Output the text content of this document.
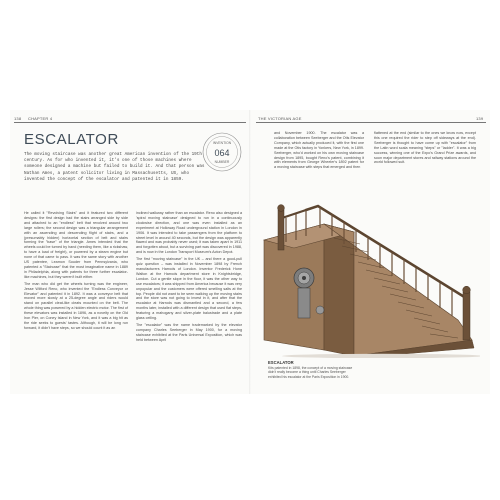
138 CHAPTER 4	THE VICTORIAN AGE	139
ESCALATOR	INVENTION
064
NUMBER
The moving staircase was another great American invention of the 19th century. As for who invented it, it's one of those machines where someone designed a machine but failed to build it. And that person was Nathan Ames, a patent solicitor living in Massachusetts, US, who invented the concept of the escalator and patented it in 1859.

He called it "Revolving Stairs" and it featured two different designs: the first design had the stairs arranged side by side and attached to an "endless" belt that revolved around two large rollers; the second design was a triangular arrangement with an ascending and descending flight of stairs, and a (presumably hidden) horizontal section of belt and stairs forming the "base" of the triangle. Ames intended that the wheels could be turned by hand (needing them, like a rickshaw, to have a load of freight), or powered by a steam engine but none of that came to pass. It was the same story with another US patentee, Leamon Souder from Pennsylvania, who patented a "Staircase" that the most imaginative name in 1889 in Philadelphia, along with patents for three further escalator-like machines, but they weren't built either.

The man who did get the wheels turning was the engineer, Jesse Wilford Reno, who invented the "Endless Conveyor or Elevator" and patented it in 1892. It was a conveyor belt that moved more slowly at a 25-degree angle and riders would stand on parallel cleat-like cleats mounted on the belt. The whole thing was powered by a hidden electric motor. The first of these elevators was installed in 1896, as a novelty on the Old Iron Pier, on Coney Island in New York, and it was a big hit as the ride seeks to guests' tastes. Although, it will be long run forward, it didn't have steps, so we should count it as an

inclined walkway rather than an escalator. Reno also designed a 'spiral moving staircase' designed to run in a continuously clockwise direction, and one was even installed as an experiment at Holloway Road underground station in London in 1906. It was intended to take passengers from the platform to street level in around 40 seconds, but the design was apparently flawed and was probably never used; it was taken apart in 1911 and forgotten about, but a surviving part was discovered in 1988, and is now in the London Transport Museum's Acton Depot.

The first "moving staircase" in the UK – and there a good-pull quiz question – was installed in November 1898 by French manufacturers Harrods of London. Inventor Frederick Hone Walton at the Harrods department store in Knightsbridge, London. Cut a gentle slope in the floor, it was the other way to use escalators; it was shipped from America because it was very unpopular and the customers were offered smelling salts at the top. People did not want to be seen walking up the moving stairs and the store was not going to invest in it, and after that the escalator at Harrods was dismantled and a second, a few months later, installed with a different design that used flat steps, featuring a mahogany and silver-plate balustrade and a plate glass ceiling.

The "escalator" was the name trademarked by the elevator company Charles Seeberger in May 1900, for a moving staircase exhibited at the Paris Universal Exposition, which was held between April

and November 1900. The escalator was a collaboration between Seeberger and the Otis Elevator Company, which actually produced it, with the first one made at the Otis factory in Yonkers, New York, in 1899. Seeberger, who'd worked on his own moving staircase design from 1895, bought Reno's patent, combining it with elements from George Wheeler's 1892 patent for a moving staircase with steps that emerged and then

flattened at the end (similar to the ones we know now, except this one required the rider to step off sideways at the end). Seeberger is thought to have come up with "escalator" from the Latin word scala meaning "steps" or "ladder". It was a big success, winning one of the Expo's Grand Prize awards, and soon major department stores and railway stations around the world followed suit.

ESCALATOR
Kits patented in 1898, the concept of a moving staircase didn't really become a thing until Charles Seeberger exhibited his escalator at the Paris Exposition in 1900.
